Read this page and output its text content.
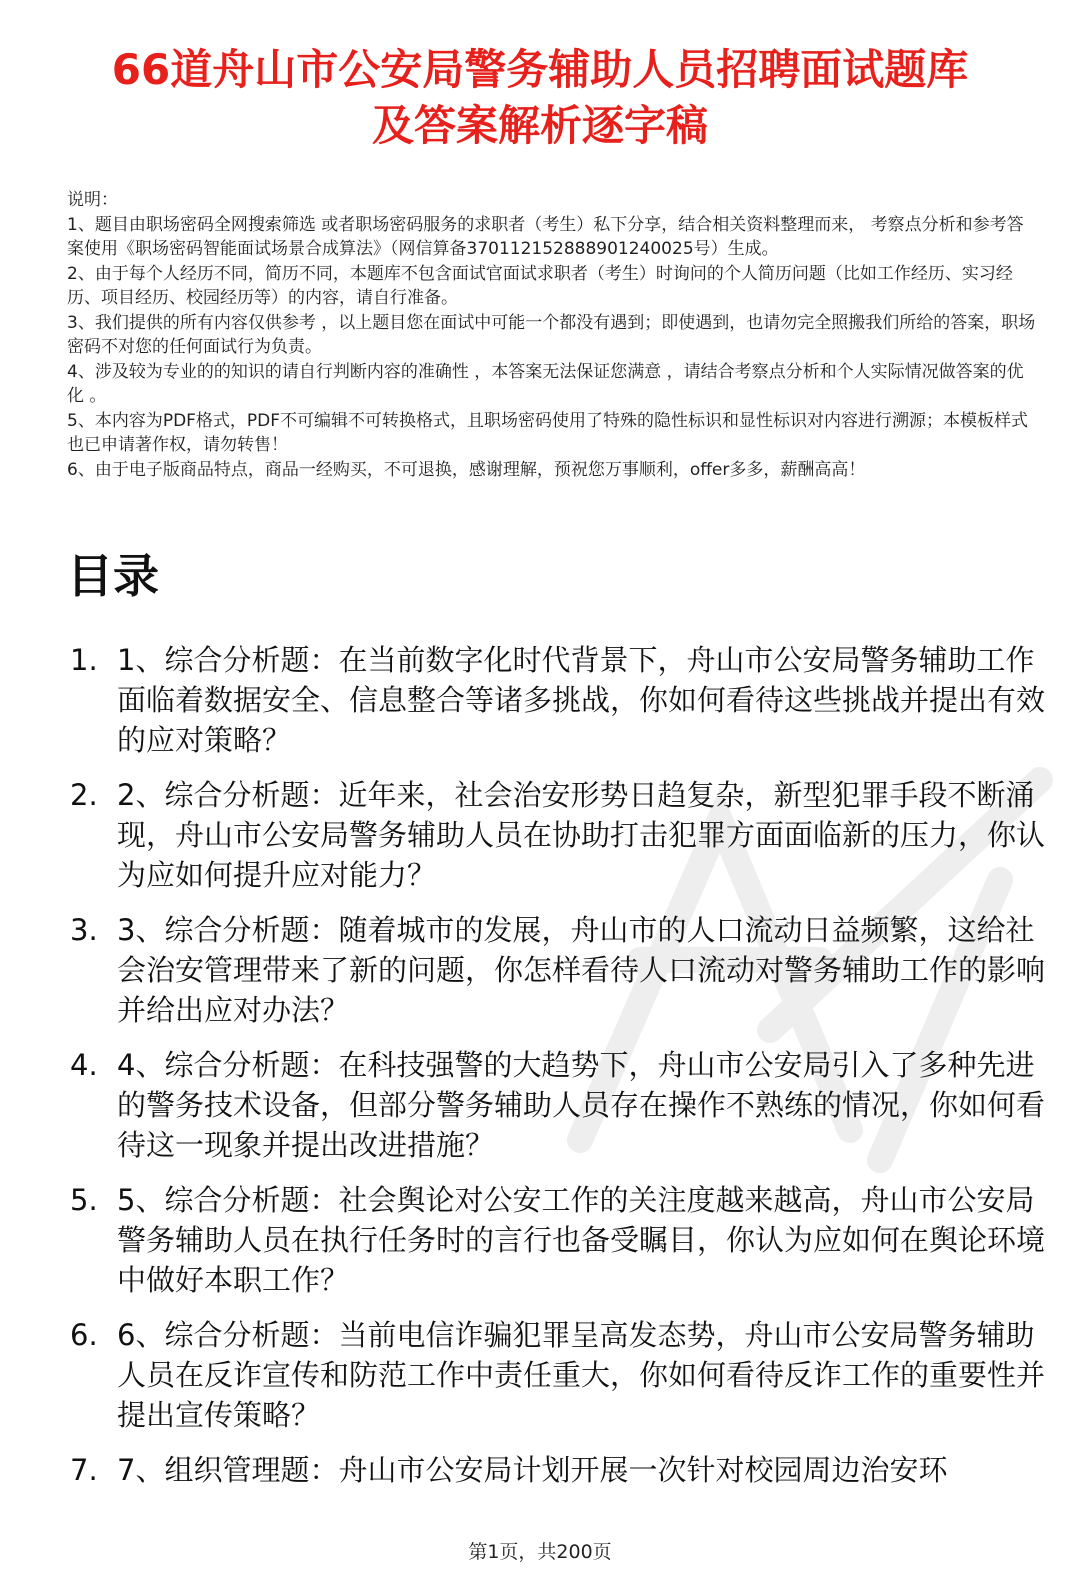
66道舟山市公安局警务辅助人员招聘面试题库
及答案解析逐字稿

说明：

1、题目由职场密码全网搜索筛选 或者职场密码服务的求职者（考生）私下分享，结合相关资料整理而来， 考察点分析和参考答案使用《职场密码智能面试场景合成算法》（网信算备370112152888901240025号）生成。

2、由于每个人经历不同，简历不同，本题库不包含面试官面试求职者（考生）时询问的个人简历问题（比如工作经历、实习经历、项目经历、校园经历等）的内容，请自行准备。

3、我们提供的所有内容仅供参考 ，以上题目您在面试中可能一个都没有遇到；即使遇到，也请勿完全照搬我们所给的答案，职场密码不对您的任何面试行为负责。

4、涉及较为专业的的知识的请自行判断内容的准确性 ，本答案无法保证您满意 ，请结合考察点分析和个人实际情况做答案的优化 。

5、本内容为PDF格式，PDF不可编辑不可转换格式，且职场密码使用了特殊的隐性标识和显性标识对内容进行溯源；本模板样式也已申请著作权，请勿转售！

6、由于电子版商品特点，商品一经购买，不可退换，感谢理解，预祝您万事顺利，offer多多，薪酬高高！

目录
1. 1、综合分析题：在当前数字化时代背景下，舟山市公安局警务辅助工作面临着数据安全、信息整合等诸多挑战，你如何看待这些挑战并提出有效的应对策略？
2. 2、综合分析题：近年来，社会治安形势日趋复杂，新型犯罪手段不断涌现，舟山市公安局警务辅助人员在协助打击犯罪方面面临新的压力，你认为应如何提升应对能力？
3. 3、综合分析题：随着城市的发展，舟山市的人口流动日益频繁，这给社会治安管理带来了新的问题，你怎样看待人口流动对警务辅助工作的影响并给出应对办法？
4. 4、综合分析题：在科技强警的大趋势下，舟山市公安局引入了多种先进的警务技术设备，但部分警务辅助人员存在操作不熟练的情况，你如何看待这一现象并提出改进措施？
5. 5、综合分析题：社会舆论对公安工作的关注度越来越高，舟山市公安局警务辅助人员在执行任务时的言行也备受瞩目，你认为应如何在舆论环境中做好本职工作？
6. 6、综合分析题：当前电信诈骗犯罪呈高发态势，舟山市公安局警务辅助人员在反诈宣传和防范工作中责任重大，你如何看待反诈工作的重要性并提出宣传策略？
7. 7、组织管理题：舟山市公安局计划开展一次针对校园周边治安环
第1页，共200页
